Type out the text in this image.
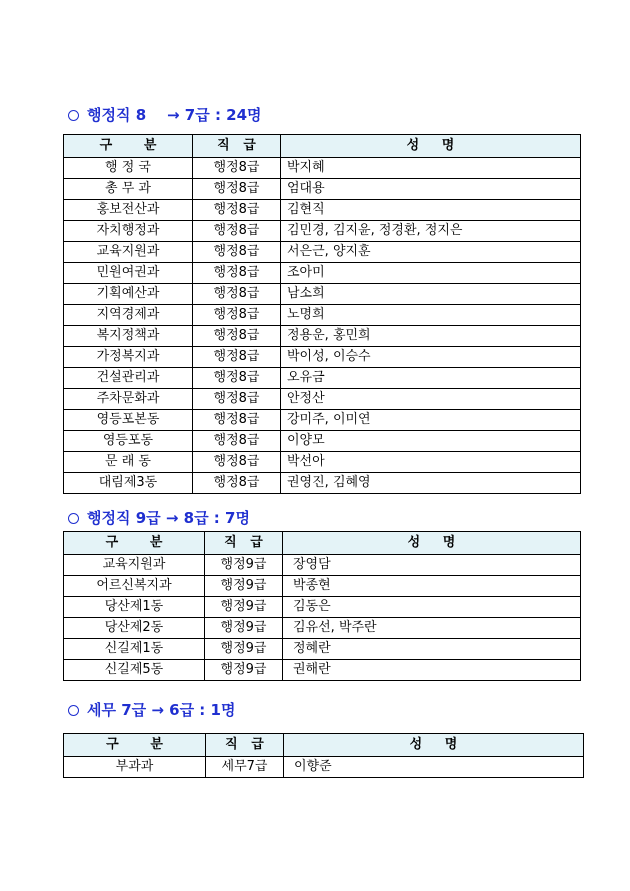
행정직 8    → 7급 : 24명
구       분	직   급	성     명
행 정 국	행정8급	박지혜
총 무 과	행정8급	엄대용
홍보전산과	행정8급	김현직
자치행정과	행정8급	김민경, 김지윤, 정경환, 정지은
교육지원과	행정8급	서은근, 양지훈
민원여권과	행정8급	조아미
기획예산과	행정8급	남소희
지역경제과	행정8급	노명희
복지정책과	행정8급	정용운, 홍민희
가정복지과	행정8급	박이성, 이승수
건설관리과	행정8급	오유금
주차문화과	행정8급	안정산
영등포본동	행정8급	강미주, 이미연
영등포동	행정8급	이양모
문 래 동	행정8급	박선아
대림제3동	행정8급	권영진, 김혜영
행정직 9급 → 8급 : 7명
구       분	직   급	성     명
교육지원과	행정9급	장영담
어르신복지과	행정9급	박종현
당산제1동	행정9급	김동은
당산제2동	행정9급	김유선, 박주란
신길제1동	행정9급	정혜란
신길제5동	행정9급	권해란
세무 7급 → 6급 : 1명
구       분	직   급	성     명
부과과	세무7급	이향준
